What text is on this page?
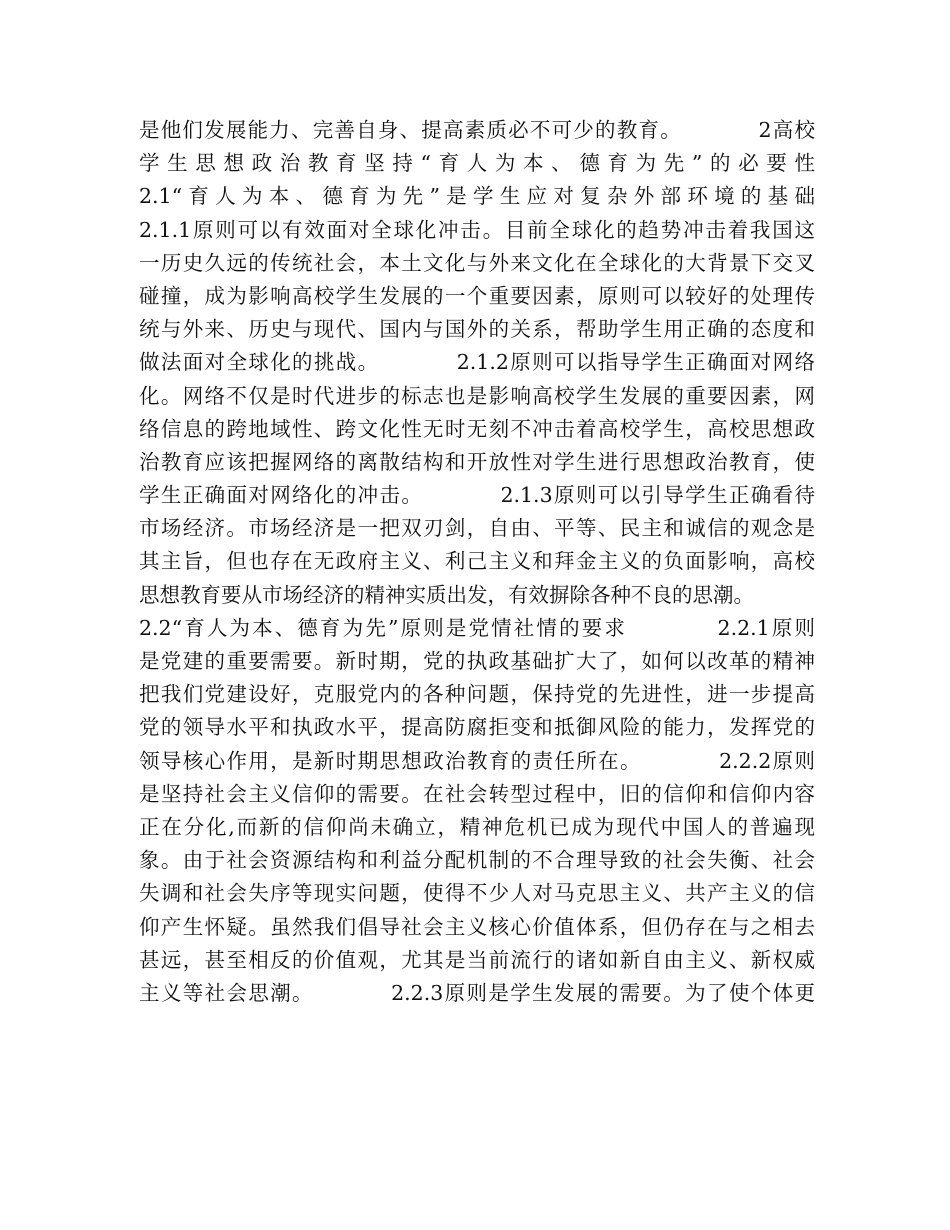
是他们发展能力、完善自身、提高素质必不可少的教育。　　　　2高校
学生思想政治教育坚持“育人为本、德育为先”的必要性
2.1“育人为本、德育为先”是学生应对复杂外部环境的基础
2.1.1原则可以有效面对全球化冲击。目前全球化的趋势冲击着我国这
一历史久远的传统社会，本土文化与外来文化在全球化的大背景下交叉
碰撞，成为影响高校学生发展的一个重要因素，原则可以较好的处理传
统与外来、历史与现代、国内与国外的关系，帮助学生用正确的态度和
做法面对全球化的挑战。　　　　2.1.2原则可以指导学生正确面对网络
化。网络不仅是时代进步的标志也是影响高校学生发展的重要因素，网
络信息的跨地域性、跨文化性无时无刻不冲击着高校学生，高校思想政
治教育应该把握网络的离散结构和开放性对学生进行思想政治教育，使
学生正确面对网络化的冲击。　　　　2.1.3原则可以引导学生正确看待
市场经济。市场经济是一把双刃剑，自由、平等、民主和诚信的观念是
其主旨，但也存在无政府主义、利己主义和拜金主义的负面影响，高校
思想教育要从市场经济的精神实质出发，有效摒除各种不良的思潮。
2.2“育人为本、德育为先”原则是党情社情的要求　　　　2.2.1原则
是党建的重要需要。新时期，党的执政基础扩大了，如何以改革的精神
把我们党建设好，克服党内的各种问题，保持党的先进性，进一步提高
党的领导水平和执政水平，提高防腐拒变和抵御风险的能力，发挥党的
领导核心作用，是新时期思想政治教育的责任所在。　　　　2.2.2原则
是坚持社会主义信仰的需要。在社会转型过程中，旧的信仰和信仰内容
正在分化,而新的信仰尚未确立，精神危机已成为现代中国人的普遍现
象。由于社会资源结构和利益分配机制的不合理导致的社会失衡、社会
失调和社会失序等现实问题，使得不少人对马克思主义、共产主义的信
仰产生怀疑。虽然我们倡导社会主义核心价值体系，但仍存在与之相去
甚远，甚至相反的价值观，尤其是当前流行的诸如新自由主义、新权威
主义等社会思潮。　　　　2.2.3原则是学生发展的需要。为了使个体更
